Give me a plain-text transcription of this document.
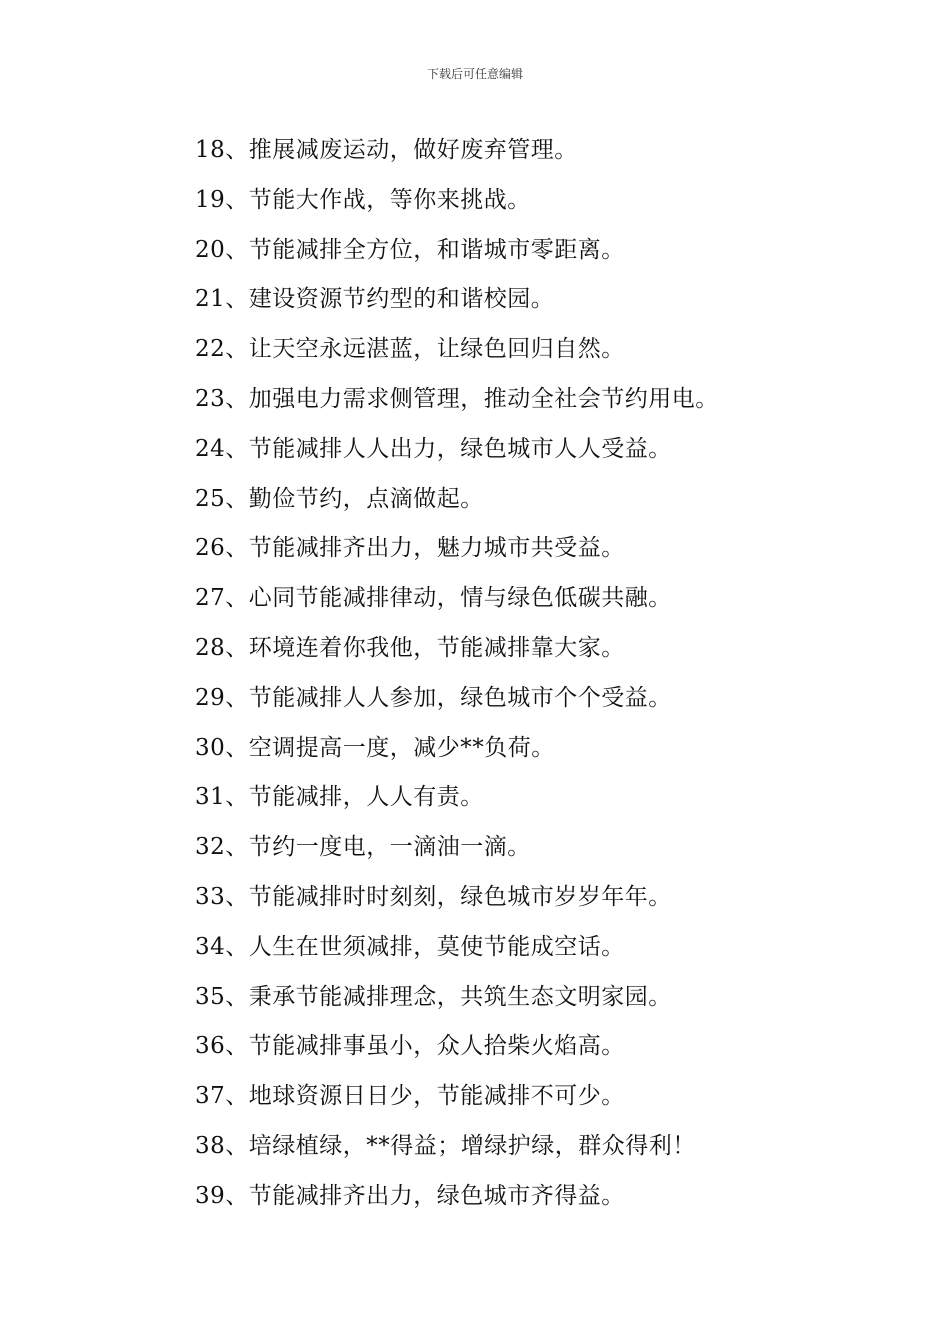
下载后可任意编辑
18、推展减废运动，做好废弃管理。
19、节能大作战，等你来挑战。
20、节能减排全方位，和谐城市零距离。
21、建设资源节约型的和谐校园。
22、让天空永远湛蓝，让绿色回归自然。
23、加强电力需求侧管理，推动全社会节约用电。
24、节能减排人人出力，绿色城市人人受益。
25、勤俭节约，点滴做起。
26、节能减排齐出力，魅力城市共受益。
27、心同节能减排律动，情与绿色低碳共融。
28、环境连着你我他，节能减排靠大家。
29、节能减排人人参加，绿色城市个个受益。
30、空调提高一度，减少**负荷。
31、节能减排，人人有责。
32、节约一度电，一滴油一滴。
33、节能减排时时刻刻，绿色城市岁岁年年。
34、人生在世须减排，莫使节能成空话。
35、秉承节能减排理念，共筑生态文明家园。
36、节能减排事虽小，众人拾柴火焰高。
37、地球资源日日少，节能减排不可少。
38、培绿植绿，**得益；增绿护绿，群众得利！
39、节能减排齐出力，绿色城市齐得益。
